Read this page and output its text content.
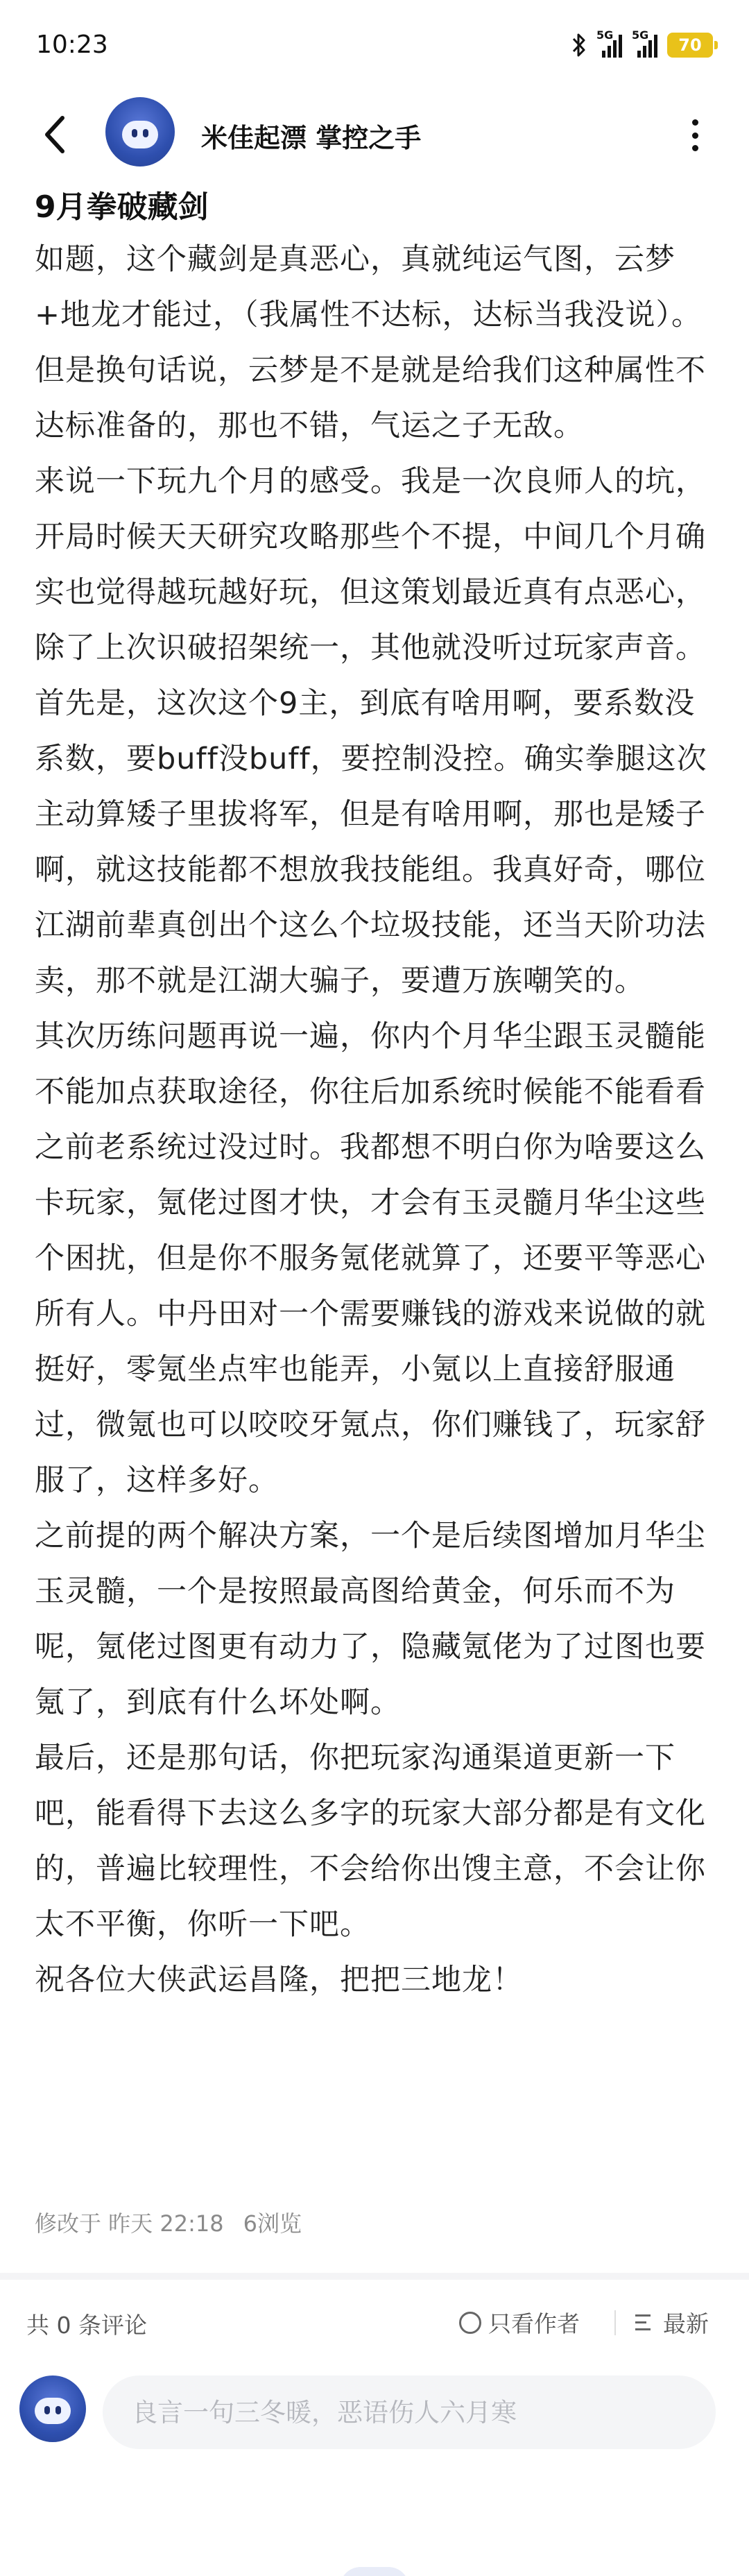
10:23	5G 5G
70
米佳起漂 掌控之手
9月拳破藏剑

如题，这个藏剑是真恶心，真就纯运气图，云梦+地龙才能过，（我属性不达标，达标当我没说）。

但是换句话说，云梦是不是就是给我们这种属性不达标准备的，那也不错，气运之子无敌。

来说一下玩九个月的感受。我是一次良师人的坑，开局时候天天研究攻略那些个不提，中间几个月确实也觉得越玩越好玩，但这策划最近真有点恶心，除了上次识破招架统一，其他就没听过玩家声音。

首先是，这次这个9主，到底有啥用啊，要系数没系数，要buff没buff，要控制没控。确实拳腿这次主动算矮子里拔将军，但是有啥用啊，那也是矮子啊，就这技能都不想放我技能组。我真好奇，哪位江湖前辈真创出个这么个垃圾技能，还当天阶功法卖，那不就是江湖大骗子，要遭万族嘲笑的。

其次历练问题再说一遍，你内个月华尘跟玉灵髓能不能加点获取途径，你往后加系统时候能不能看看之前老系统过没过时。我都想不明白你为啥要这么卡玩家，氪佬过图才快，才会有玉灵髓月华尘这些个困扰，但是你不服务氪佬就算了，还要平等恶心所有人。中丹田对一个需要赚钱的游戏来说做的就挺好，零氪坐点牢也能弄，小氪以上直接舒服通过，微氪也可以咬咬牙氪点，你们赚钱了，玩家舒服了，这样多好。

之前提的两个解决方案，一个是后续图增加月华尘玉灵髓，一个是按照最高图给黄金，何乐而不为呢，氪佬过图更有动力了，隐藏氪佬为了过图也要氪了，到底有什么坏处啊。

最后，还是那句话，你把玩家沟通渠道更新一下吧，能看得下去这么多字的玩家大部分都是有文化的，普遍比较理性，不会给你出馊主意，不会让你太不平衡，你听一下吧。

祝各位大侠武运昌隆，把把三地龙！

修改于 昨天 22:18 6浏览
共 0 条评论	只看作者	最新
良言一句三冬暖，恶语伤人六月寒
